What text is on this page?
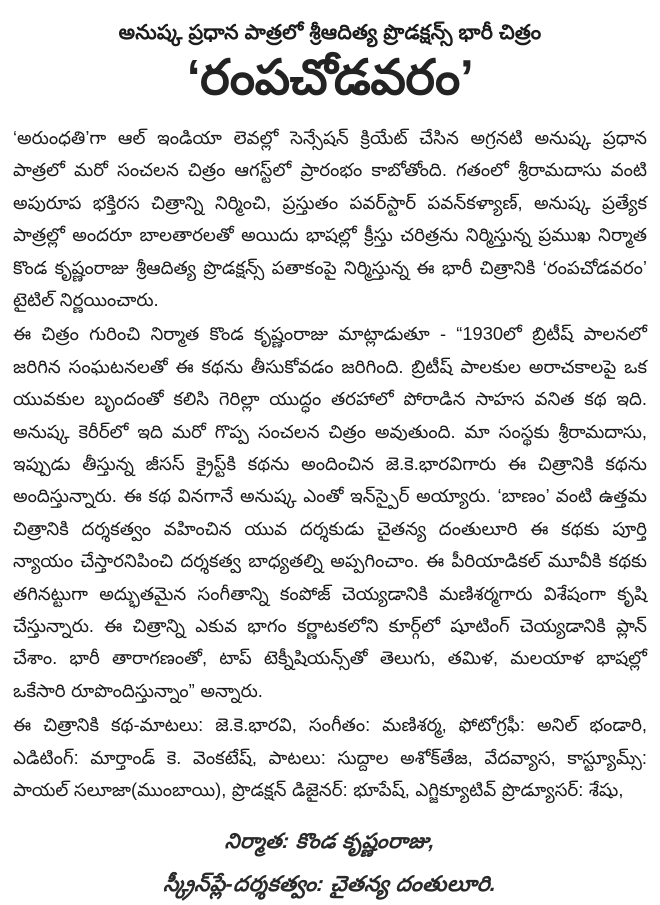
అనుష్క ప్రధాన పాత్రలో శ్రీఆదిత్య ప్రొడక్షన్స్ భారీ చిత్రం
‘రంపచోడవరం’

‘అరుంధతి’గా ఆల్ ఇండియా లెవల్లో సెన్సేషన్ క్రియేట్ చేసిన అగ్రనటి అనుష్క ప్రధాన పాత్రలో మరో సంచలన చిత్రం ఆగస్ట్‌లో ప్రారంభం కాబోతోంది. గతంలో శ్రీరామదాసు వంటి అపురూప భక్తిరస చిత్రాన్ని నిర్మించి, ప్రస్తుతం పవర్‌స్టార్ పవన్‌కళ్యాణ్, అనుష్క ప్రత్యేక పాత్రల్లో అందరూ బాలతారలతో అయిదు భాషల్లో క్రీస్తు చరిత్రను నిర్మిస్తున్న ప్రముఖ నిర్మాత కొండ కృష్ణంరాజు శ్రీఆదిత్య ప్రొడక్షన్స్ పతాకంపై నిర్మిస్తున్న ఈ భారీ చిత్రానికి ‘రంపచోడవరం’ టైటిల్ నిర్ణయించారు.

ఈ చిత్రం గురించి నిర్మాత కొండ కృష్ణంరాజు మాట్లాడుతూ - “1930లో బ్రిటీష్ పాలనలో జరిగిన సంఘటనలతో ఈ కథను తీసుకోవడం జరిగింది. బ్రిటీష్ పాలకుల అరాచకాలపై ఒక యువకుల బృందంతో కలిసి గెరిల్లా యుద్ధం తరహాలో పోరాడిన సాహస వనిత కథ ఇది. అనుష్క కెరీర్‌లో ఇది మరో గొప్ప సంచలన చిత్రం అవుతుంది. మా సంస్థకు శ్రీరామదాసు, ఇప్పుడు తీస్తున్న జీసస్ క్రైస్ట్‌కి కథను అందించిన జె.కె.భారవిగారు ఈ చిత్రానికి కథను అందిస్తున్నారు. ఈ కథ వినగానే అనుష్క ఎంతో ఇన్‌స్పైర్ అయ్యారు. ‘బాణం’ వంటి ఉత్తమ చిత్రానికి దర్శకత్వం వహించిన యువ దర్శకుడు చైతన్య దంతులూరి ఈ కథకు పూర్తి న్యాయం చేస్తారనిపించి దర్శకత్వ బాధ్యతల్ని అప్పగించాం. ఈ పీరియాడికల్ మూవీకి కథకు తగినట్టుగా అద్భుతమైన సంగీతాన్ని కంపోజ్ చెయ్యడానికి మణిశర్మగారు విశేషంగా కృషి చేస్తున్నారు. ఈ చిత్రాన్ని ఎకువ భాగం కర్ణాటకలోని కూర్గ్‌లో షూటింగ్ చెయ్యడానికి ప్లాన్ చేశాం. భారీ తారాగణంతో, టాప్ టెక్నీషియన్స్‌తో తెలుగు, తమిళ, మలయాళ భాషల్లో ఒకేసారి రూపొందిస్తున్నాం” అన్నారు.

ఈ చిత్రానికి కథ-మాటలు: జె.కె.భారవి, సంగీతం: మణిశర్మ, ఫోటోగ్రఫీ: అనిల్ భండారి, ఎడిటింగ్: మార్తాండ్ కె. వెంకటేష్, పాటలు: సుద్దాల అశోక్‌తేజ, వేదవ్యాస, కాస్ట్యూమ్స్: పాయల్ సలూజా(ముంబాయి), ప్రొడక్షన్ డిజైనర్: భూపేష్, ఎగ్జిక్యూటివ్ ప్రొడ్యూసర్: శేషు,

నిర్మాత: కొండ కృష్ణంరాజు,
స్క్రీన్‌ప్లే-దర్శకత్వం: చైతన్య దంతులూరి.
